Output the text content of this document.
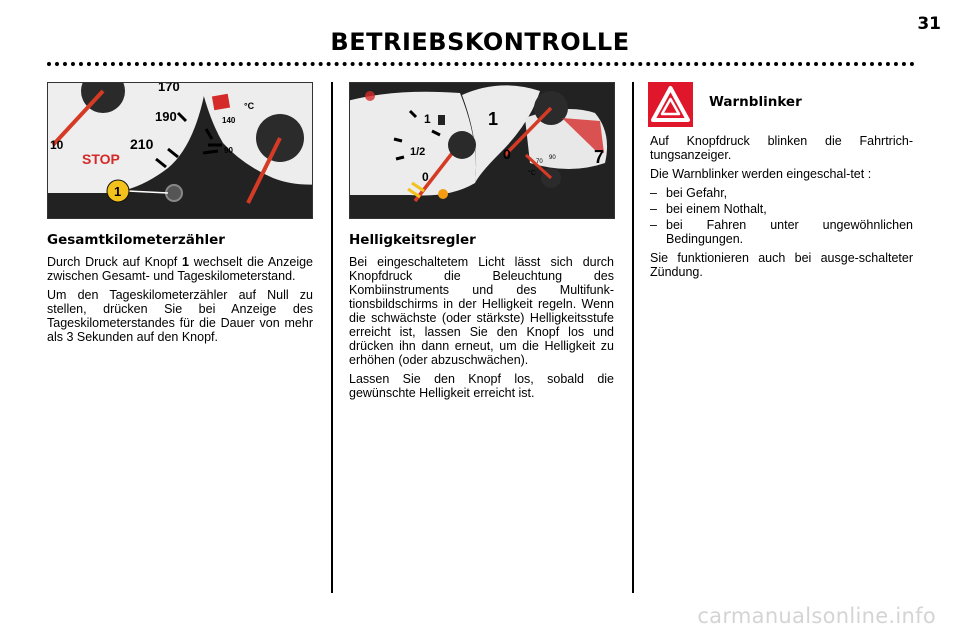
BETRIEBSKONTROLLE
31
170
190
210
10
140
90
°C
STOP
1
Gesamtkilometerzähler

Durch Druck auf Knopf 1 wechselt die Anzeige zwischen Gesamt- und Tageskilometerstand.

Um den Tageskilometerzähler auf Null zu stellen, drücken Sie bei Anzeige des Tageskilometerstandes für die Dauer von mehr als 3 Sekunden auf den Knopf.

1
1/2
0
1
0	7
70
90
°C
Helligkeitsregler

Bei eingeschaltetem Licht lässt sich durch Knopfdruck die Beleuchtung des Kombiinstruments und des Multifunk-tionsbildschirms in der Helligkeit regeln. Wenn die schwächste (oder stärkste) Helligkeitsstufe erreicht ist, lassen Sie den Knopf los und drücken ihn dann erneut, um die Helligkeit zu erhöhen (oder abzuschwächen).

Lassen Sie den Knopf los, sobald die gewünschte Helligkeit erreicht ist.

Warnblinker

Auf Knopfdruck blinken die Fahrtrich-tungsanzeiger.

Die Warnblinker werden eingeschal-tet :

– bei Gefahr,
– bei einem Nothalt,
– bei Fahren unter ungewöhnlichen Bedingungen.

Sie funktionieren auch bei ausge-schalteter Zündung.

carmanualsonline.info
